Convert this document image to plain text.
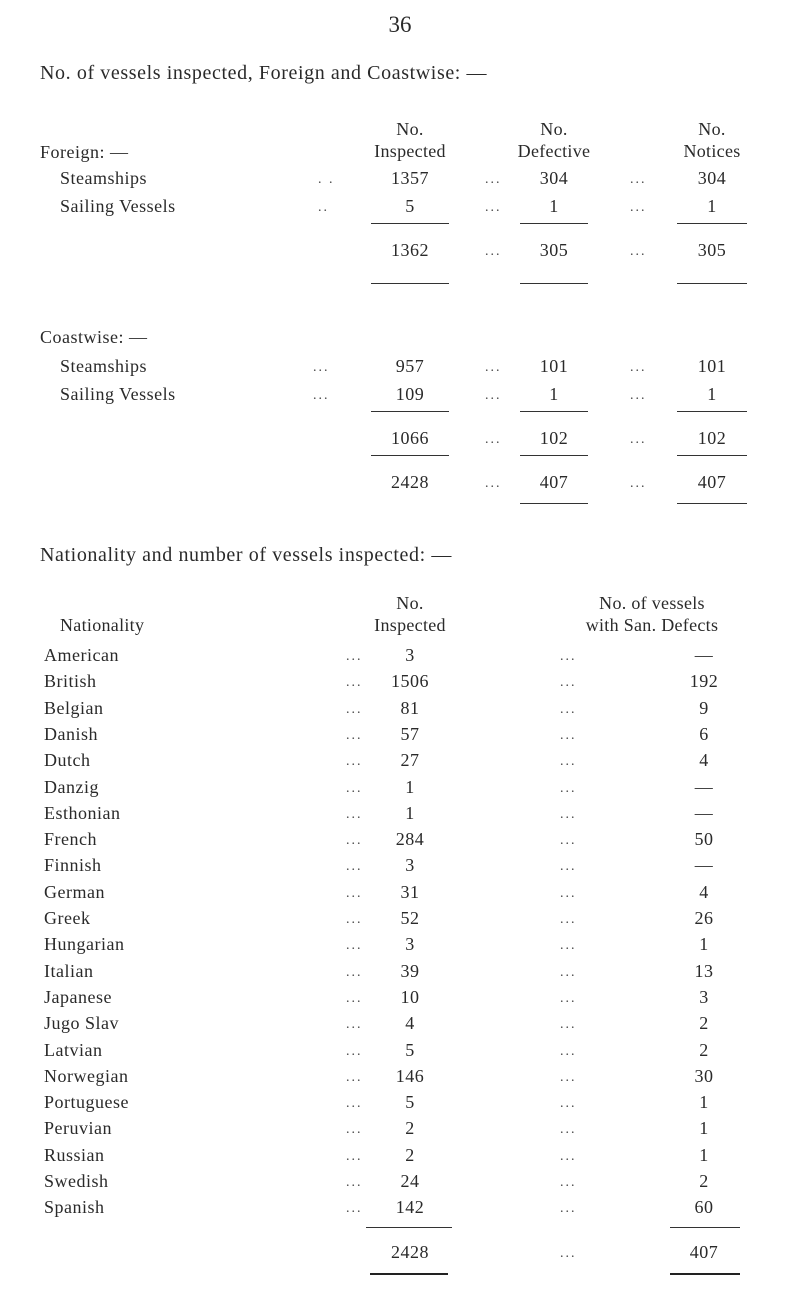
36
No. of vessels inspected, Foreign and Coastwise: —
No.
Inspected
No.
Defective
No.
Notices
Foreign: —
Steamships	. .	1357	... 304	...	304
Sailing Vessels	..	5	...	1	...	1
1362	... 305	...	305
Coastwise: —
Steamships	...	957	... 101	...	101
Sailing Vessels	...	109	...	1	...	1
1066	... 102	...	102
2428	... 407	...	407
Nationality and number of vessels inspected: —
Nationality
No.
Inspected
No. of vessels
with San. Defects
American	... 3	...	—
British	... 1506	...	192
Belgian	... 81	...	9
Danish	... 57	...	6
Dutch	... 27	...	4
Danzig	... 1	...	—
Esthonian	... 1	...	—
French	... 284	...	50
Finnish	... 3	...	—
German	... 31	...	4
Greek	... 52	...	26
Hungarian	... 3	...	1
Italian	... 39	...	13
Japanese	... 10	...	3
Jugo Slav	... 4	...	2
Latvian	... 5	...	2
Norwegian	... 146	...	30
Portuguese	... 5	...	1
Peruvian	... 2	...	1
Russian	... 2	...	1
Swedish	... 24	...	2
Spanish	... 142	...	60
2428	...	407
